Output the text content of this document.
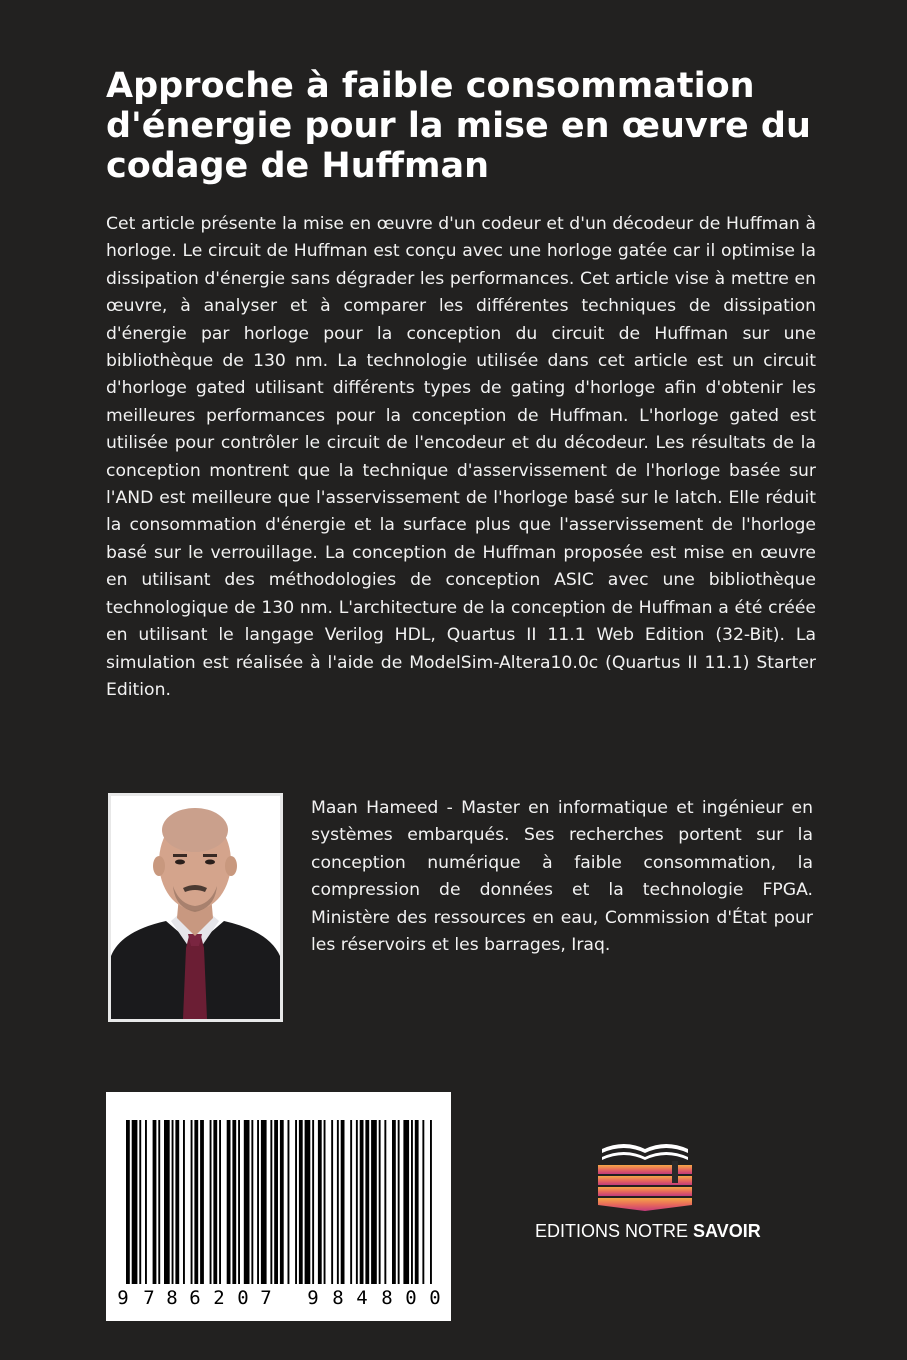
Approche à faible consommation d'énergie pour la mise en œuvre du codage de Huffman

Cet article présente la mise en œuvre d'un codeur et d'un décodeur de Huffman à horloge. Le circuit de Huffman est conçu avec une horloge gatée car il optimise la dissipation d'énergie sans dégrader les performances. Cet article vise à mettre en œuvre, à analyser et à comparer les différentes techniques de dissipation d'énergie par horloge pour la conception du circuit de Huffman sur une bibliothèque de 130 nm. La technologie utilisée dans cet article est un circuit d'horloge gated utilisant différents types de gating d'horloge afin d'obtenir les meilleures performances pour la conception de Huffman. L'horloge gated est utilisée pour contrôler le circuit de l'encodeur et du décodeur. Les résultats de la conception montrent que la technique d'asservissement de l'horloge basée sur l'AND est meilleure que l'asservissement de l'horloge basé sur le latch. Elle réduit la consommation d'énergie et la surface plus que l'asservissement de l'horloge basé sur le verrouillage. La conception de Huffman proposée est mise en œuvre en utilisant des méthodologies de conception ASIC avec une bibliothèque technologique de 130 nm. L'architecture de la conception de Huffman a été créée en utilisant le langage Verilog HDL, Quartus II 11.1 Web Edition (32-Bit). La simulation est réalisée à l'aide de ModelSim-Altera10.0c (Quartus II 11.1) Starter Edition.

Maan Hameed - Master en informatique et ingénieur en systèmes embarqués. Ses recherches portent sur la conception numérique à faible consommation, la compression de données et la technologie FPGA. Ministère des ressources en eau, Commission d'État pour les réservoirs et les barrages, Iraq.

9 7 8 6 2 0 7 9 8 4 8 0 0
EDITIONS NOTRE SAVOIR
